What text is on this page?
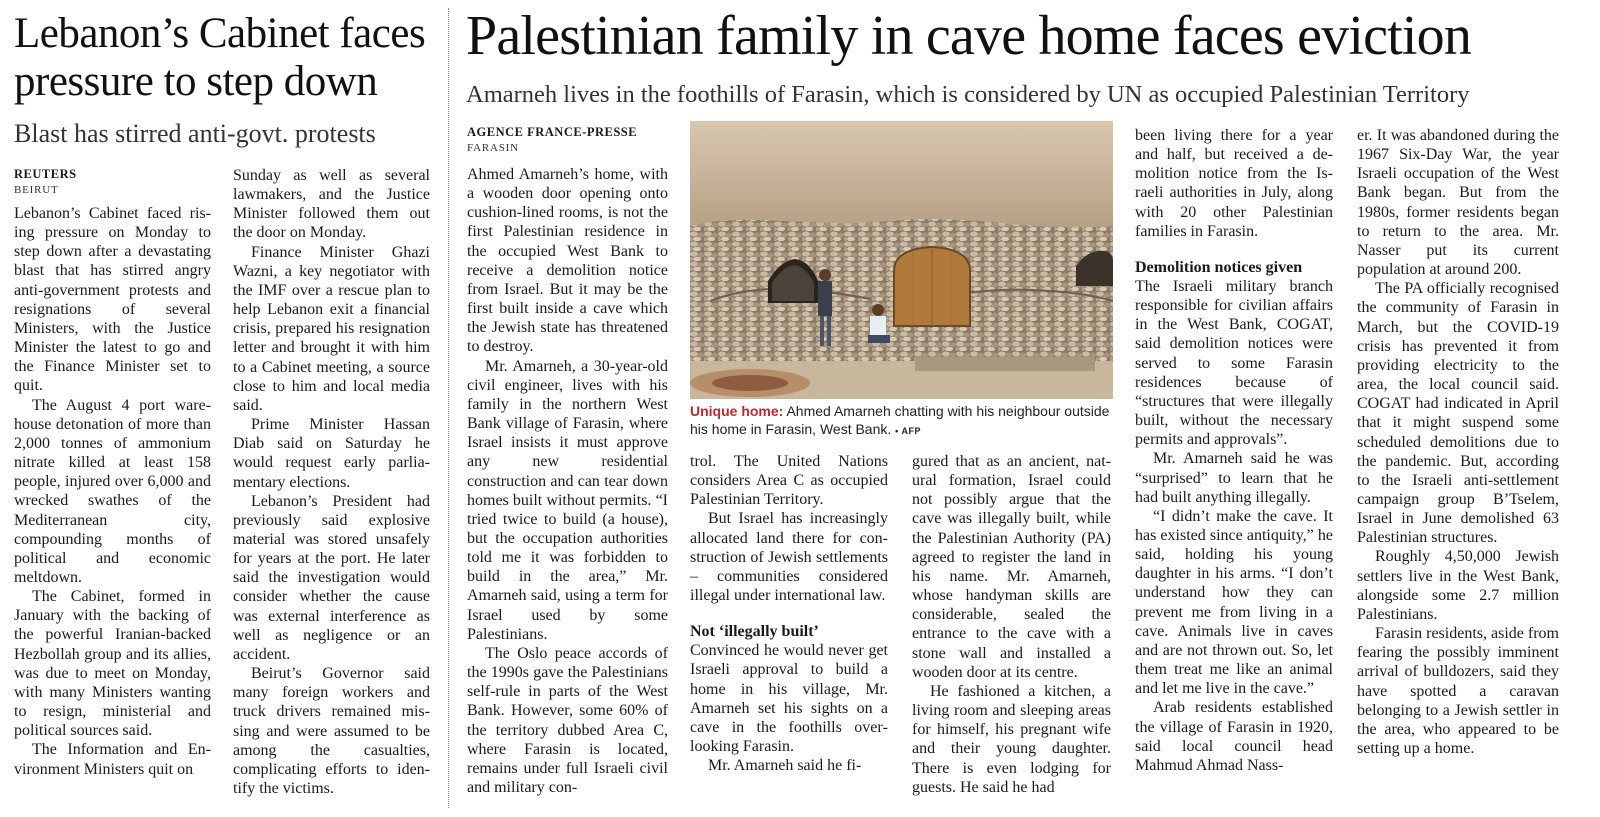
Lebanon’s Cabinet faces
pressure to step down
Blast has stirred anti-govt. protests
REUTERS
BEIRUT

Lebanon’s Cabinet faced rising pressure on Monday to step down after a devastating blast that has stirred angry anti-government protests and resignations of several Ministers, with the Justice Minister the latest to go and the Finance Minister set to quit.

The August 4 port warehouse detonation of more than 2,000 tonnes of ammonium nitrate killed at least 158 people, injured over 6,000 and wrecked swathes of the Mediterranean city, compounding months of political and economic meltdown.

The Cabinet, formed in January with the backing of the powerful Iranian-backed Hezbollah group and its allies, was due to meet on Monday, with many Ministers wanting to resign, ministerial and political sources said.

The Information and Environment Ministers quit on

Sunday as well as several lawmakers, and the Justice Minister followed them out the door on Monday.

Finance Minister Ghazi Wazni, a key negotiator with the IMF over a rescue plan to help Lebanon exit a financial crisis, prepared his resignation letter and brought it with him to a Cabinet meeting, a source close to him and local media said.

Prime Minister Hassan Diab said on Saturday he would request early parliamentary elections.

Lebanon’s President had previously said explosive material was stored unsafely for years at the port. He later said the investigation would consider whether the cause was external interference as well as negligence or an accident.

Beirut’s Governor said many foreign workers and truck drivers remained missing and were assumed to be among the casualties, complicating efforts to identify the victims.

Palestinian family in cave home faces eviction
Amarneh lives in the foothills of Farasin, which is considered by UN as occupied Palestinian Territory
AGENCE FRANCE-PRESSE
FARASIN

Ahmed Amarneh’s home, with a wooden door opening onto cushion-lined rooms, is not the first Palestinian residence in the occupied West Bank to receive a demolition notice from Israel. But it may be the first built inside a cave which the Jewish state has threatened to destroy.

Mr. Amarneh, a 30-year-old civil engineer, lives with his family in the northern West Bank village of Farasin, where Israel insists it must approve any new residential construction and can tear down homes built without permits. “I tried twice to build (a house), but the occupation authorities told me it was forbidden to build in the area,” Mr. Amarneh said, using a term for Israel used by some Palestinians.

The Oslo peace accords of the 1990s gave the Palestinians self-rule in parts of the West Bank. However, some 60% of the territory dubbed Area C, where Farasin is located, remains under full Israeli civil and military con-

Unique home: Ahmed Amarneh chatting with his neighbour outside his home in Farasin, West Bank. • AFP

trol. The United Nations considers Area C as occupied Palestinian Territory.

But Israel has increasingly allocated land there for construction of Jewish settlements – communities considered illegal under international law.

Not ‘illegally built’

Convinced he would never get Israeli approval to build a home in his village, Mr. Amarneh set his sights on a cave in the foothills overlooking Farasin.

Mr. Amarneh said he fi-

gured that as an ancient, natural formation, Israel could not possibly argue that the cave was illegally built, while the Palestinian Authority (PA) agreed to register the land in his name. Mr. Amarneh, whose handyman skills are considerable, sealed the entrance to the cave with a stone wall and installed a wooden door at its centre.

He fashioned a kitchen, a living room and sleeping areas for himself, his pregnant wife and their young daughter. There is even lodging for guests. He said he had

been living there for a year and half, but received a demolition notice from the Israeli authorities in July, along with 20 other Palestinian families in Farasin.

Demolition notices given

The Israeli military branch responsible for civilian affairs in the West Bank, COGAT, said demolition notices were served to some Farasin residences because of “structures that were illegally built, without the necessary permits and approvals”.

Mr. Amarneh said he was “surprised” to learn that he had built anything illegally.

“I didn’t make the cave. It has existed since antiquity,” he said, holding his young daughter in his arms. “I don’t understand how they can prevent me from living in a cave. Animals live in caves and are not thrown out. So, let them treat me like an animal and let me live in the cave.”

Arab residents established the village of Farasin in 1920, said local council head Mahmud Ahmad Nass-

er. It was abandoned during the 1967 Six-Day War, the year Israeli occupation of the West Bank began. But from the 1980s, former residents began to return to the area. Mr. Nasser put its current population at around 200.

The PA officially recognised the community of Farasin in March, but the COVID-19 crisis has prevented it from providing electricity to the area, the local council said. COGAT had indicated in April that it might suspend some scheduled demolitions due to the pandemic. But, according to the Israeli anti-settlement campaign group B’Tselem, Israel in June demolished 63 Palestinian structures.

Roughly 4,50,000 Jewish settlers live in the West Bank, alongside some 2.7 million Palestinians.

Farasin residents, aside from fearing the possibly imminent arrival of bulldozers, said they have spotted a caravan belonging to a Jewish settler in the area, who appeared to be setting up a home.
